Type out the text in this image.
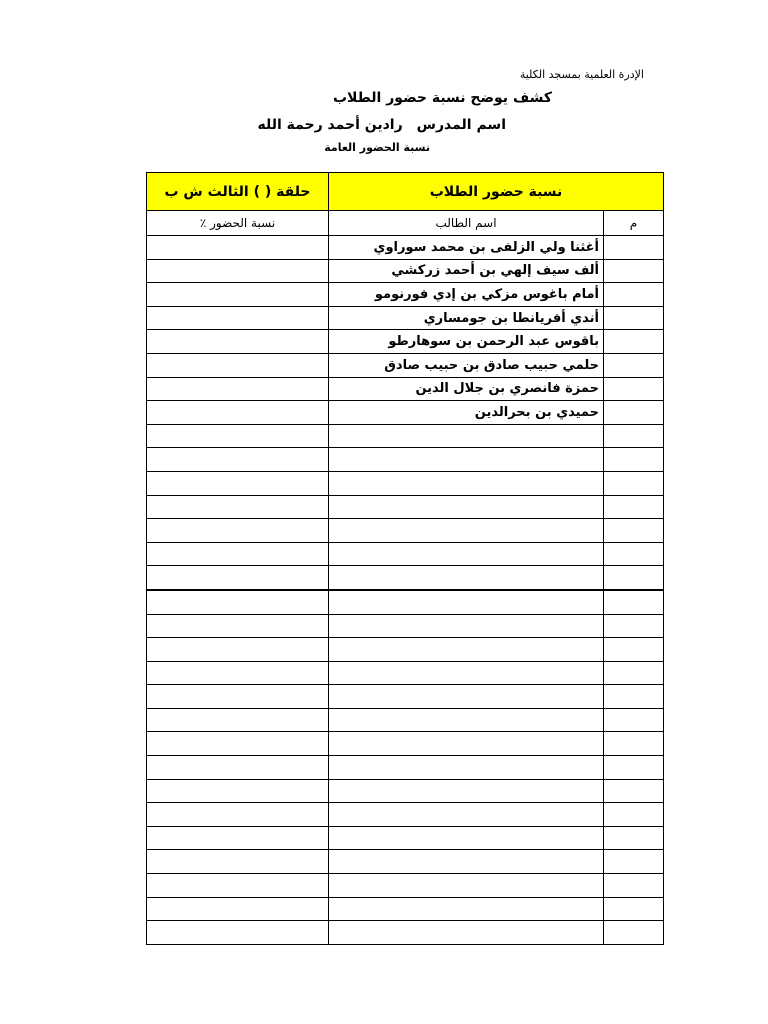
الإدرة العلمية بمسجد الكلية
كشف يوضح نسبة حضور الطلاب
اسم المدرسرادين أحمد رحمة الله
نسبة الحضور العامة
نسبة حضور الطلاب		حلقة ( ) الثالث ش ب
م	اسم الطالب	نسبة الحضور ٪
	أغثنا ولي الزلفى بن محمد سوراوي	
	ألف سيف إلهي بن أحمد زركشي	
	أمام باغوس مزكي بن إدي فورنومو	
	أندي أفريانطا بن جومساري	
	باقوس عبد الرحمن بن سوهارطو	
	حلمي حبيب صادق بن حبيب صادق	
	حمزة فانصري بن جلال الدين	
	حميدي بن بحرالدين	
